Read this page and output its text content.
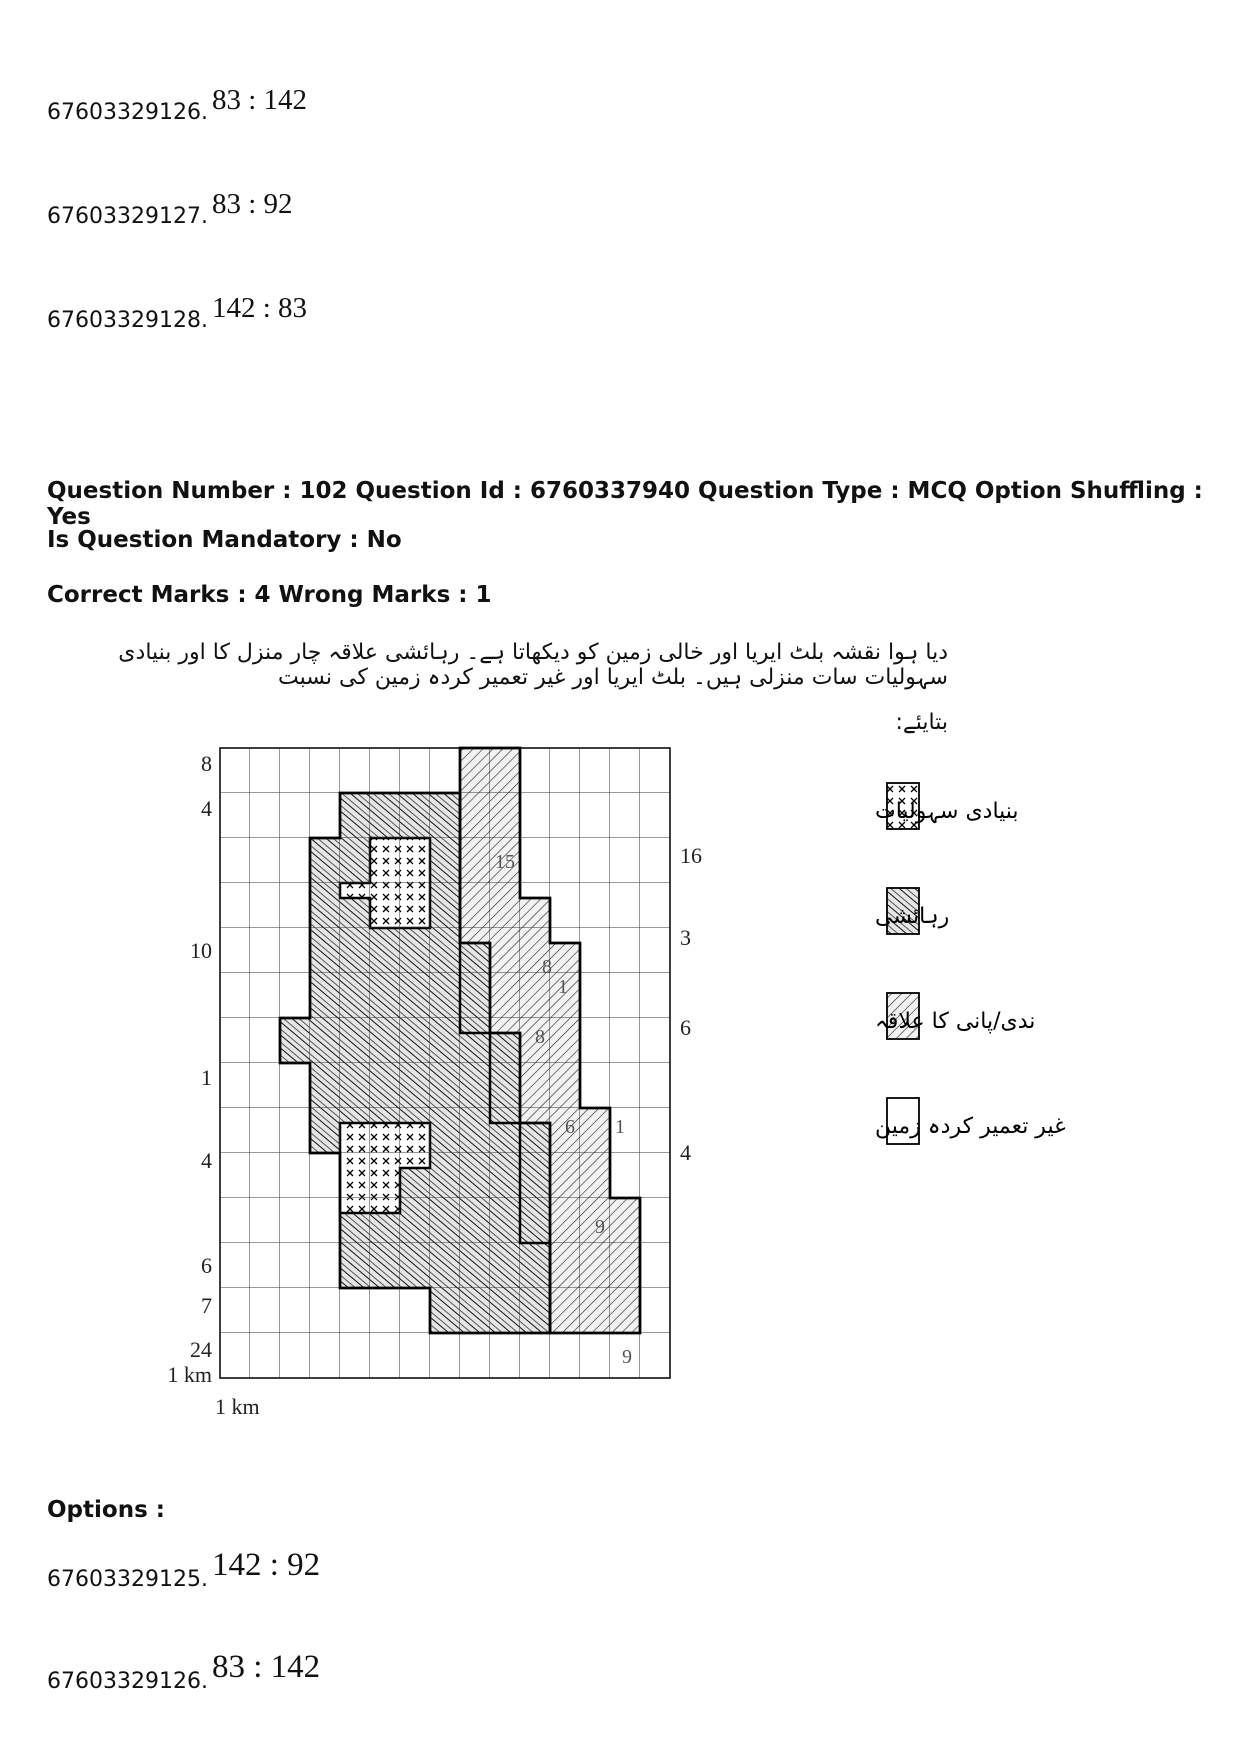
67603329126. 83 : 142
67603329127. 83 : 92
67603329128. 142 : 83
Question Number : 102 Question Id : 6760337940 Question Type : MCQ Option Shuffling : Yes
Is Question Mandatory : No
Correct Marks : 4 Wrong Marks : 1
دیا ہوا نقشہ بلٹ ایریا اور خالی زمین کو دیکھاتا ہے۔ رہائشی علاقہ چار منزل کا اور بنیادی سہولیات سات منزلی ہیں۔ بلٹ ایریا اور غیر تعمیر کردہ زمین کی نسبت
بتایئے:
15
8
1
8
6 1
9
9
8
4
10
1
4
6
7
24
1 km
16
3
6
4
1 km
بنیادی سہولیات
رہائشی
ندی/پانی کا علاقہ
غیر تعمیر کردہ زمین
Options :
67603329125. 142 : 92
67603329126. 83 : 142
